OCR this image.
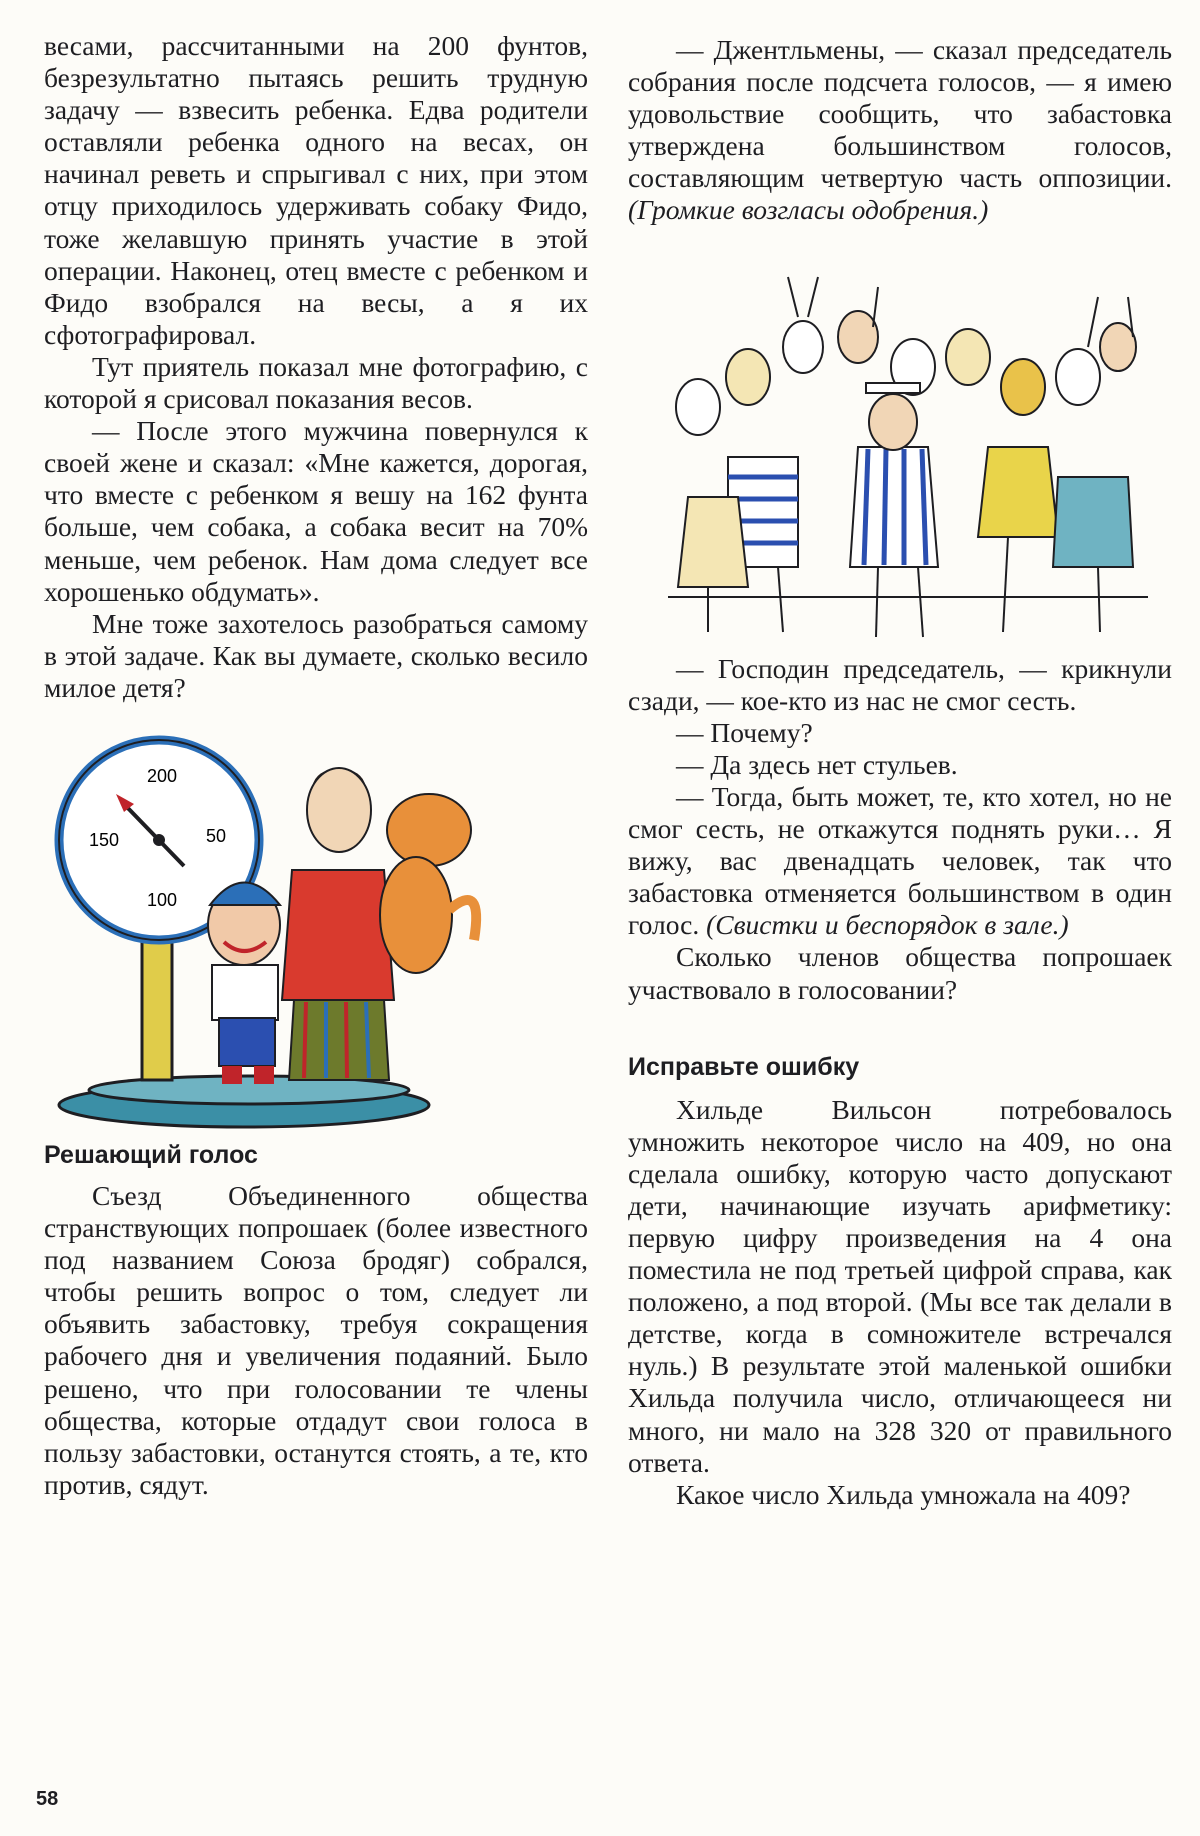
весами, рассчитанными на 200 фунтов, безрезультатно пытаясь решить трудную задачу — взвесить ребенка. Едва родители оставляли ребенка одного на весах, он начинал реветь и спрыгивал с них, при этом отцу приходилось удерживать собаку Фидо, тоже желавшую принять участие в этой операции. Наконец, отец вместе с ребенком и Фидо взобрался на весы, а я их сфотографировал.

Тут приятель показал мне фотографию, с которой я срисовал показания весов.

— После этого мужчина повернулся к своей жене и сказал: «Мне кажется, дорогая, что вместе с ребенком я вешу на 162 фунта больше, чем собака, а собака весит на 70% меньше, чем ребенок. Нам дома следует все хорошенько обдумать».

Мне тоже захотелось разобраться самому в этой задаче. Как вы думаете, сколько весило милое детя?

200
150	50
100
Решающий голос

Съезд Объединенного общества странствующих попрошаек (более известного под названием Союза бродяг) собрался, чтобы решить вопрос о том, следует ли объявить забастовку, требуя сокращения рабочего дня и увеличения подаяний. Было решено, что при голосовании те члены общества, которые отдадут свои голоса в пользу забастовки, останутся стоять, а те, кто против, сядут.

— Джентльмены, — сказал председатель собрания после подсчета голосов, — я имею удовольствие сообщить, что забастовка утверждена большинством голосов, составляющим четвертую часть оппозиции. (Громкие возгласы одобрения.)

— Господин председатель, — крикнули сзади, — кое-кто из нас не смог сесть.

— Почему?

— Да здесь нет стульев.

— Тогда, быть может, те, кто хотел, но не смог сесть, не откажутся поднять руки… Я вижу, вас двенадцать человек, так что забастовка отменяется большинством в один голос. (Свистки и беспорядок в зале.)

Сколько членов общества попрошаек участвовало в голосовании?

Исправьте ошибку

Хильде Вильсон потребовалось умножить некоторое число на 409, но она сделала ошибку, которую часто допускают дети, начинающие изучать арифметику: первую цифру произведения на 4 она поместила не под третьей цифрой справа, как положено, а под второй. (Мы все так делали в детстве, когда в сомножителе встречался нуль.) В результате этой маленькой ошибки Хильда получила число, отличающееся ни много, ни мало на 328 320 от правильного ответа.

Какое число Хильда умножала на 409?

58
